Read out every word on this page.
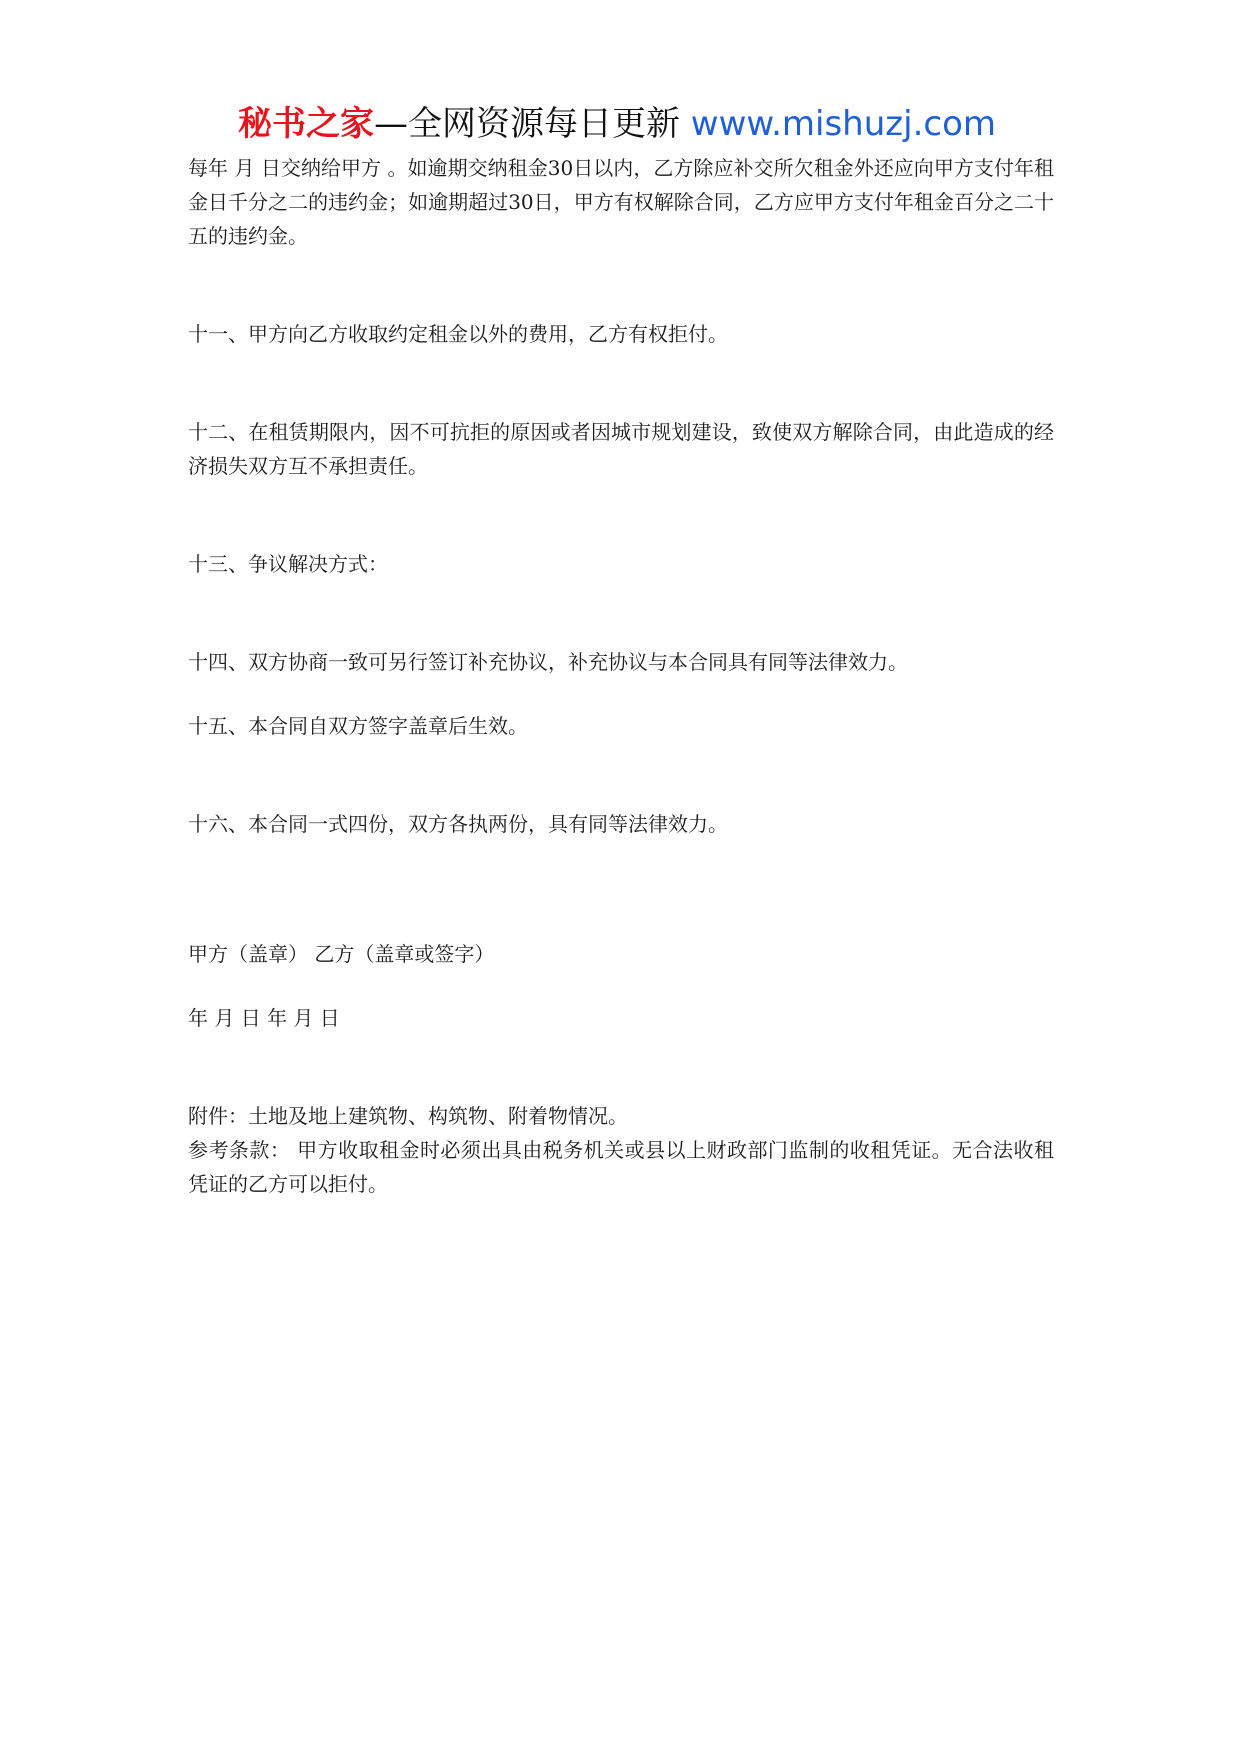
秘书之家—全网资源每日更新 www.mishuzj.com

每年 月 日交纳给甲方 。如逾期交纳租金30日以内，乙方除应补交所欠租金外还应向甲方支付年租金日千分之二的违约金；如逾期超过30日，甲方有权解除合同，乙方应甲方支付年租金百分之二十五的违约金。

十一、甲方向乙方收取约定租金以外的费用，乙方有权拒付。

十二、在租赁期限内，因不可抗拒的原因或者因城市规划建设，致使双方解除合同，由此造成的经济损失双方互不承担责任。

十三、争议解决方式：

十四、双方协商一致可另行签订补充协议，补充协议与本合同具有同等法律效力。

十五、本合同自双方签字盖章后生效。

十六、本合同一式四份，双方各执两份，具有同等法律效力。

甲方（盖章） 乙方（盖章或签字）

年 月 日 年 月 日

附件：土地及地上建筑物、构筑物、附着物情况。

参考条款： 甲方收取租金时必须出具由税务机关或县以上财政部门监制的收租凭证。无合法收租凭证的乙方可以拒付。
